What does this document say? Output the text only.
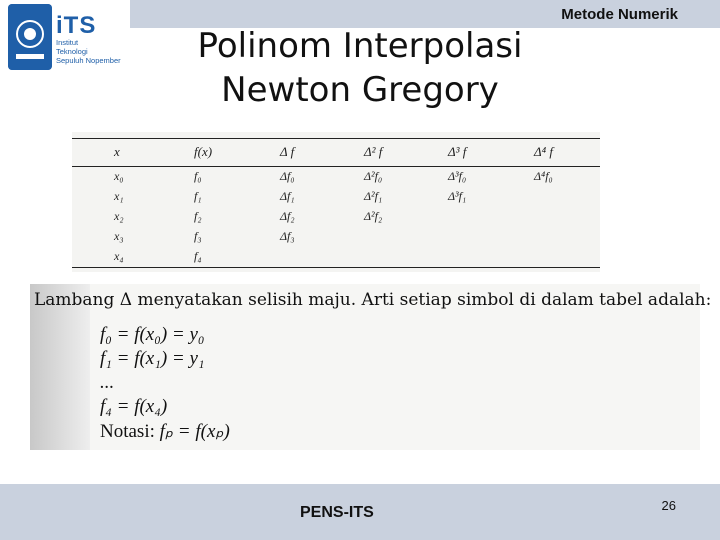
Metode Numerik
iTS
Institut
Teknologi
Sepuluh Nopember	Polinom Interpolasi
Newton Gregory
x	f(x)	Δ f	Δ² f	Δ³ f	Δ⁴ f
x₀	f₀	Δf₀	Δ²f₀	Δ³f₀	Δ⁴f₀
x₁	f₁	Δf₁	Δ²f₁	Δ³f₁	
x₂	f₂	Δf₂	Δ²f₂		
x₃	f₃	Δf₃			
x₄	f₄				
Lambang Δ menyatakan selisih maju. Arti setiap simbol di dalam tabel adalah:
f₀ = f(x₀) = y₀
f₁ = f(x₁) = y₁
...
f₄ = f(x₄)
Notasi: fₚ = f(xₚ)
PENS-ITS	26
